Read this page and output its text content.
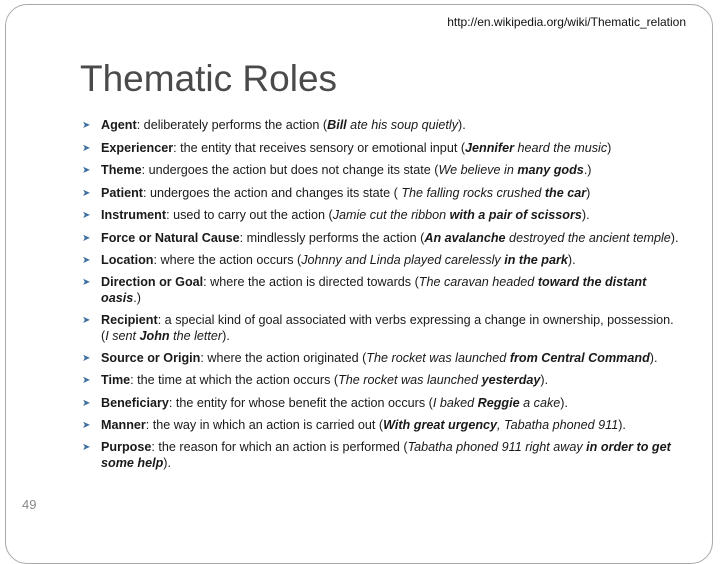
http://en.wikipedia.org/wiki/Thematic_relation
Thematic Roles
➤ Agent: deliberately performs the action (Bill ate his soup quietly).
➤ Experiencer: the entity that receives sensory or emotional input (Jennifer heard the music)
➤ Theme: undergoes the action but does not change its state (We believe in many gods.)
➤ Patient: undergoes the action and changes its state ( The falling rocks crushed the car)
➤ Instrument: used to carry out the action (Jamie cut the ribbon with a pair of scissors).
➤ Force or Natural Cause: mindlessly performs the action (An avalanche destroyed the ancient temple).
➤ Location: where the action occurs (Johnny and Linda played carelessly in the park).
➤ Direction or Goal: where the action is directed towards (The caravan headed toward the distant oasis.)
➤ Recipient: a special kind of goal associated with verbs expressing a change in ownership, possession. (I sent John the letter).
➤ Source or Origin: where the action originated (The rocket was launched from Central Command).
➤ Time: the time at which the action occurs (The rocket was launched yesterday).
➤ Beneficiary: the entity for whose benefit the action occurs (I baked Reggie a cake).
➤ Manner: the way in which an action is carried out (With great urgency, Tabatha phoned 911).
➤ Purpose: the reason for which an action is performed (Tabatha phoned 911 right away in order to get some help).
49
